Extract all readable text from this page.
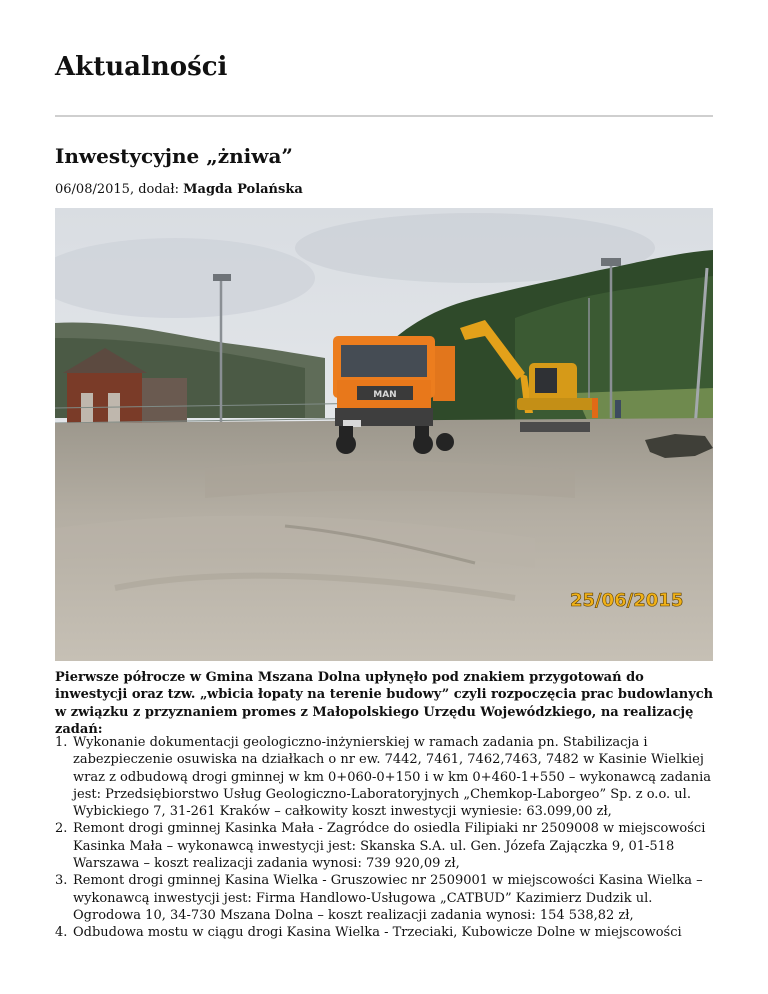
Aktualności
Inwestycyjne „żniwa”
06/08/2015, dodał: Magda Polańska
MAN
25/06/2015

Pierwsze półrocze w Gmina Mszana Dolna upłynęło pod znakiem przygotowań do inwestycji oraz tzw. „wbicia łopaty na terenie budowy” czyli rozpoczęcia prac budowlanych w związku z przyznaniem promes z Małopolskiego Urzędu Wojewódzkiego, na realizację zadań:

1. Wykonanie dokumentacji geologiczno-inżynierskiej w ramach zadania pn. Stabilizacja i zabezpieczenie osuwiska na działkach o nr ew. 7442, 7461, 7462,7463, 7482 w Kasinie Wielkiej wraz z odbudową drogi gminnej w km 0+060-0+150 i w km 0+460-1+550 – wykonawcą zadania jest: Przedsiębiorstwo Usług Geologiczno-Laboratoryjnych „Chemkop-Laborgeo” Sp. z o.o. ul. Wybickiego 7, 31-261 Kraków – całkowity koszt inwestycji wyniesie: 63.099,00 zł,
2. Remont drogi gminnej Kasinka Mała - Zagródce do osiedla Filipiaki nr 2509008 w miejscowości Kasinka Mała – wykonawcą inwestycji jest: Skanska S.A. ul. Gen. Józefa Zajączka 9, 01-518 Warszawa – koszt realizacji zadania wynosi: 739 920,09 zł,
3. Remont drogi gminnej Kasina Wielka - Gruszowiec nr 2509001 w miejscowości Kasina Wielka – wykonawcą inwestycji jest: Firma Handlowo-Usługowa „CATBUD” Kazimierz Dudzik ul. Ogrodowa 10, 34-730 Mszana Dolna – koszt realizacji zadania wynosi: 154 538,82 zł,
4. Odbudowa mostu w ciągu drogi Kasina Wielka - Trzeciaki, Kubowicze Dolne w miejscowości
